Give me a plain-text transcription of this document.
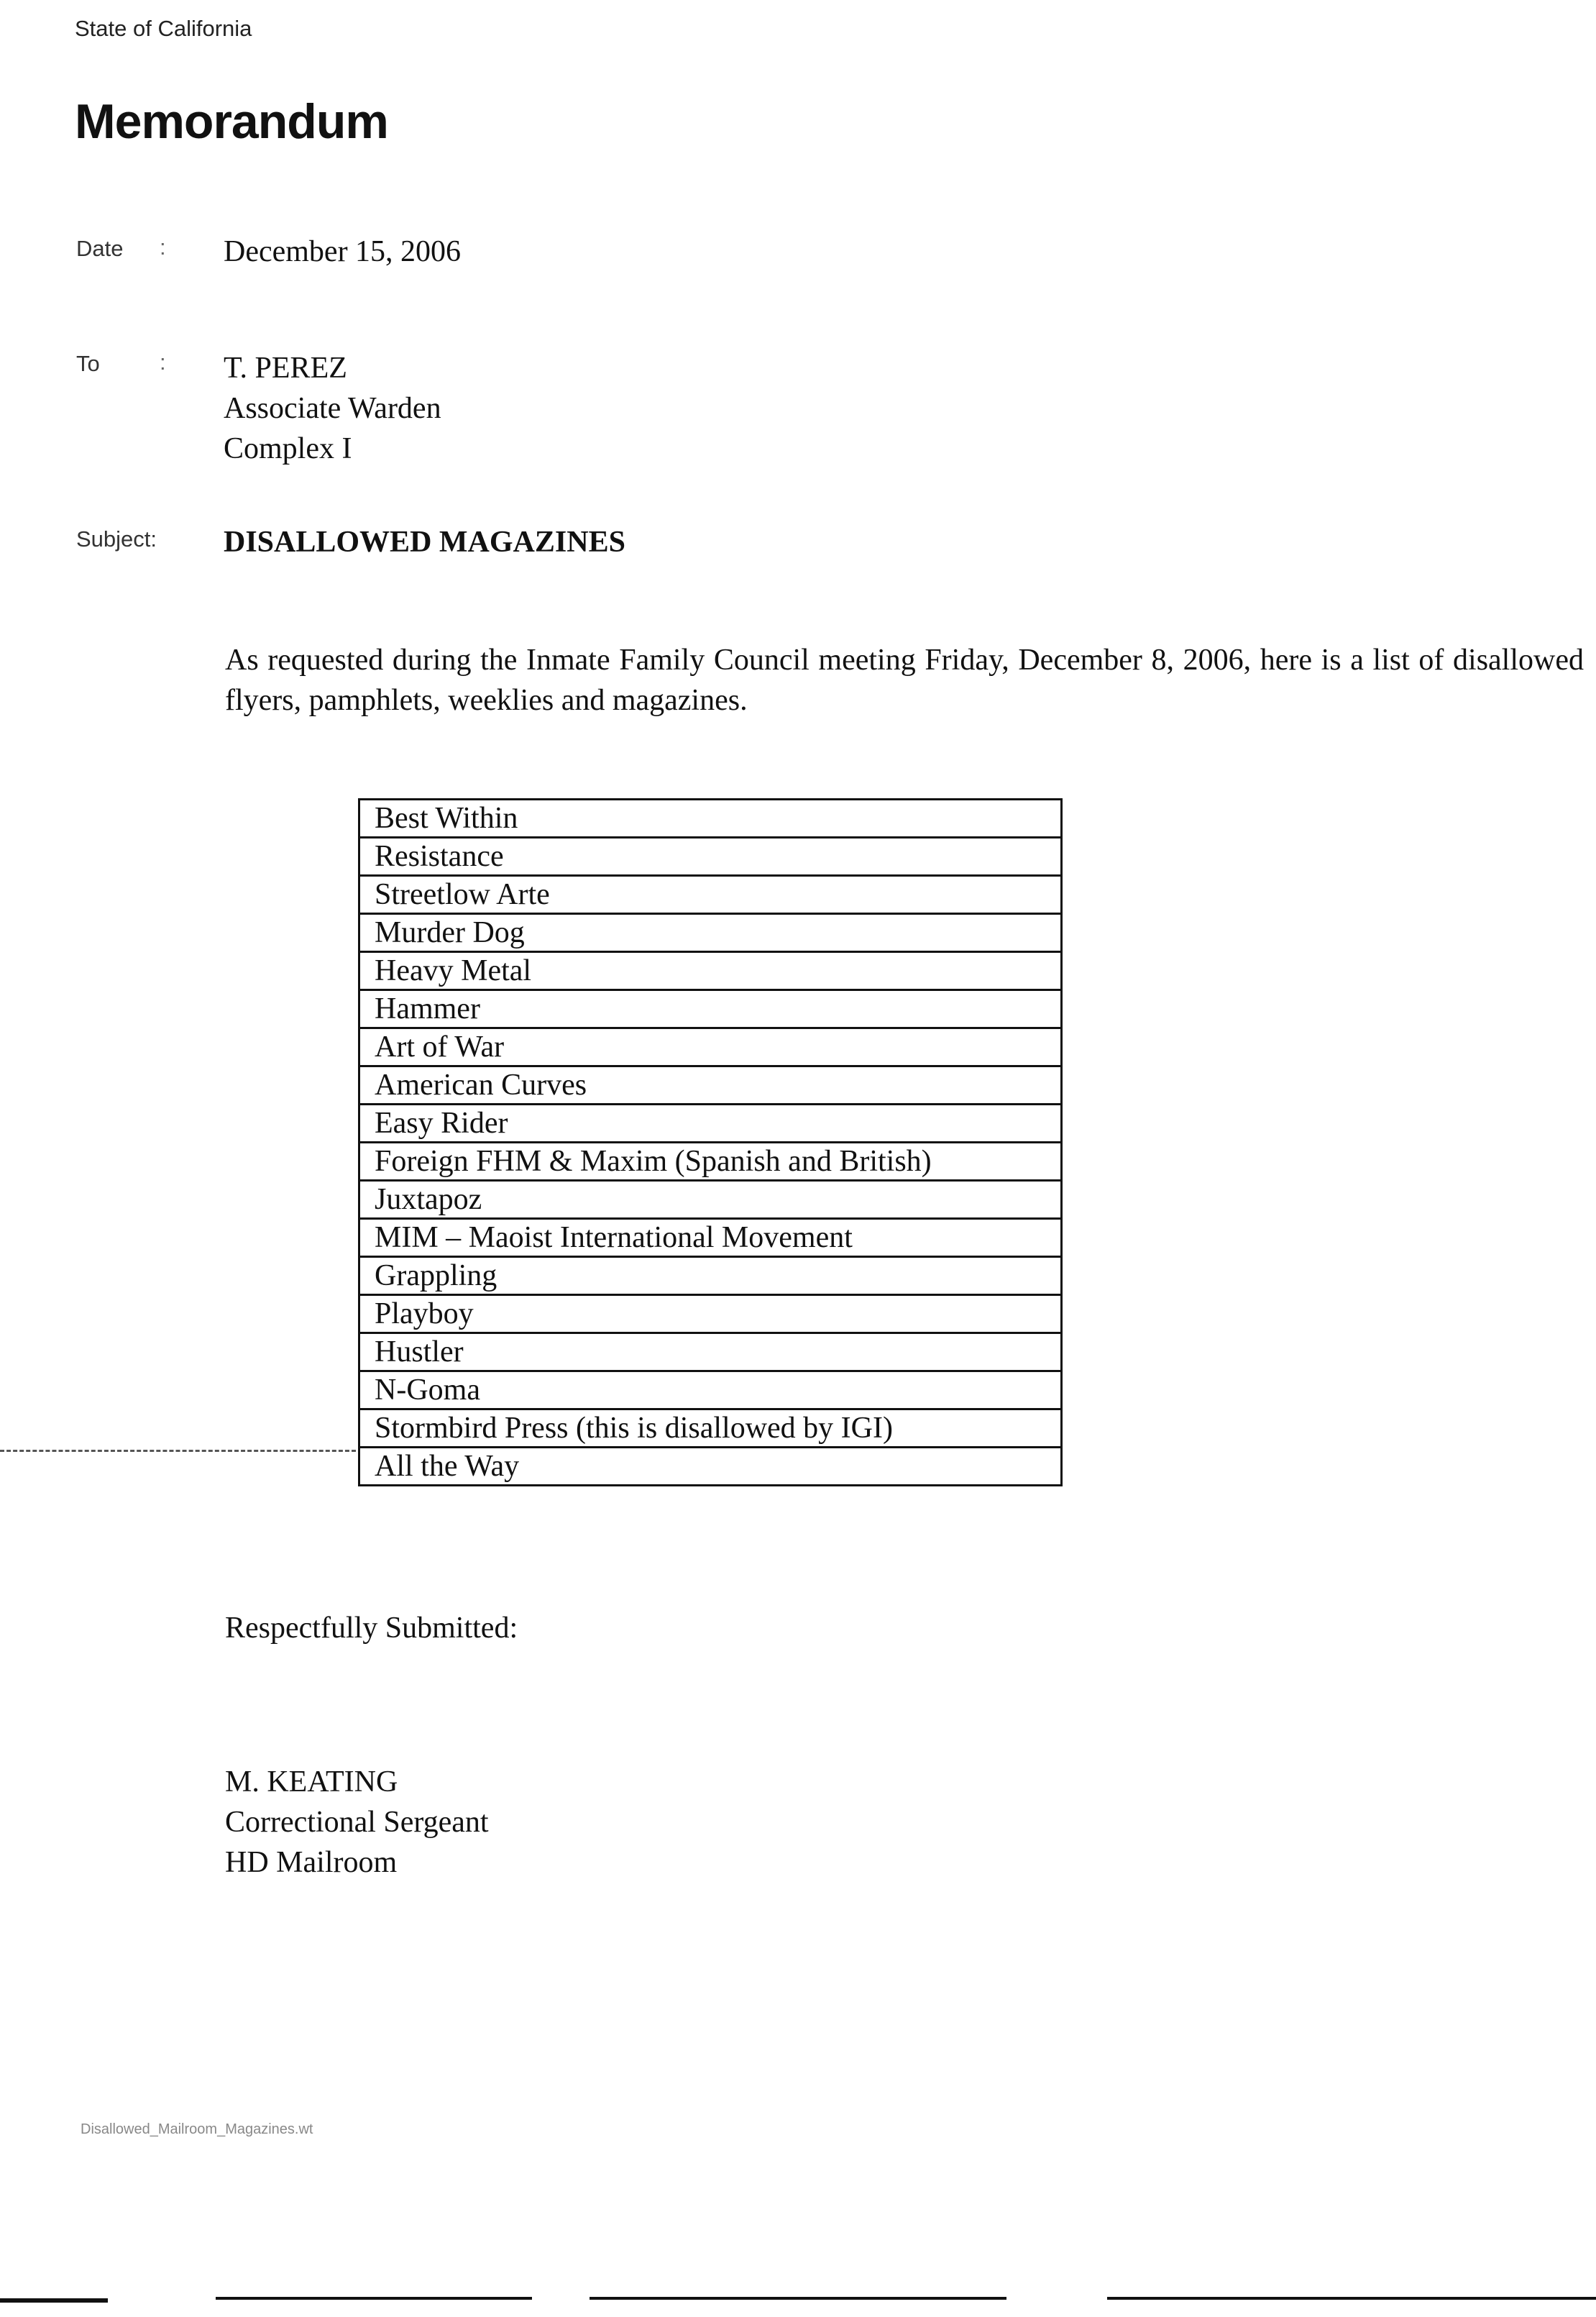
State of California
Memorandum
Date : December 15, 2006
To	: T. PEREZ
Associate Warden
Complex I
Subject: DISALLOWED MAGAZINES
As requested during the Inmate Family Council meeting Friday, December 8, 2006, here is a list of disallowed flyers, pamphlets, weeklies and magazines.
Best Within
Resistance
Streetlow Arte
Murder Dog
Heavy Metal
Hammer
Art of War
American Curves
Easy Rider
Foreign FHM & Maxim (Spanish and British)
Juxtapoz
MIM – Maoist International Movement
Grappling
Playboy
Hustler
N-Goma
Stormbird Press (this is disallowed by IGI)
All the Way
Respectfully Submitted:
M. KEATING
Correctional Sergeant
HD Mailroom
Disallowed_Mailroom_Magazines.wt
